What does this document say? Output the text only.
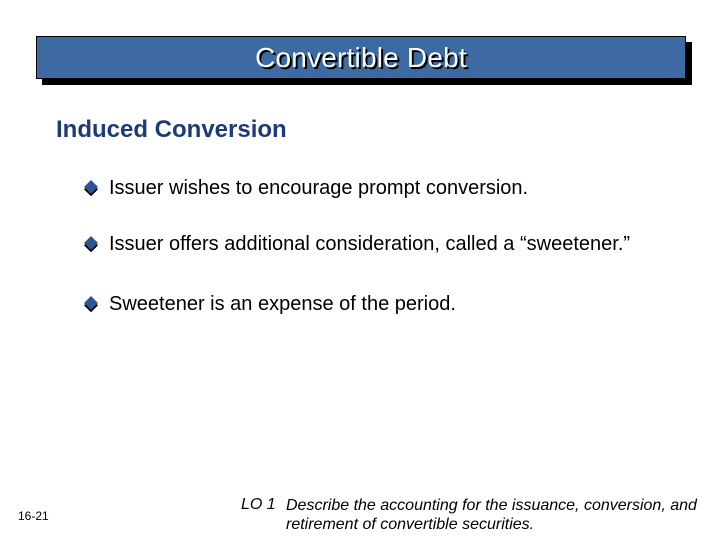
Convertible Debt
Induced Conversion
Issuer wishes to encourage prompt conversion.
Issuer offers additional consideration, called a “sweetener.”
Sweetener is an expense of the period.
16-21
LO 1 Describe the accounting for the issuance, conversion, and retirement of convertible securities.
